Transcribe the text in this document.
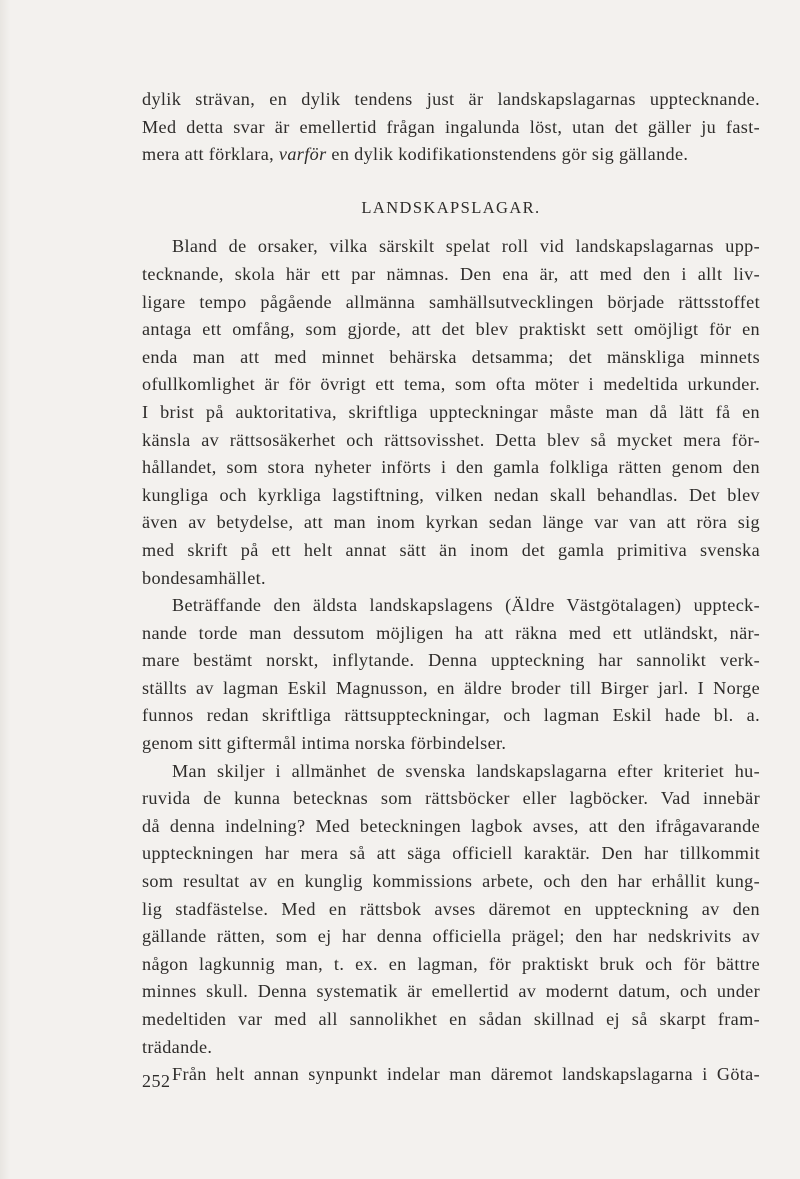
dylik strävan, en dylik tendens just är landskapslagarnas upptecknande.
Med detta svar är emellertid frågan ingalunda löst, utan det gäller ju fast-
mera att förklara, varför en dylik kodifikationstendens gör sig gällande.
LANDSKAPSLAGAR.
Bland de orsaker, vilka särskilt spelat roll vid landskapslagarnas upp-
tecknande, skola här ett par nämnas. Den ena är, att med den i allt liv-
ligare tempo pågående allmänna samhällsutvecklingen började rättsstoffet
antaga ett omfång, som gjorde, att det blev praktiskt sett omöjligt för en
enda man att med minnet behärska detsamma; det mänskliga minnets
ofullkomlighet är för övrigt ett tema, som ofta möter i medeltida urkunder.
I brist på auktoritativa, skriftliga uppteckningar måste man då lätt få en
känsla av rättsosäkerhet och rättsovisshet. Detta blev så mycket mera för-
hållandet, som stora nyheter införts i den gamla folkliga rätten genom den
kungliga och kyrkliga lagstiftning, vilken nedan skall behandlas. Det blev
även av betydelse, att man inom kyrkan sedan länge var van att röra sig
med skrift på ett helt annat sätt än inom det gamla primitiva svenska
bondesamhället.
Beträffande den äldsta landskapslagens (Äldre Västgötalagen) uppteck-
nande torde man dessutom möjligen ha att räkna med ett utländskt, när-
mare bestämt norskt, inflytande. Denna uppteckning har sannolikt verk-
ställts av lagman Eskil Magnusson, en äldre broder till Birger jarl. I Norge
funnos redan skriftliga rättsuppteckningar, och lagman Eskil hade bl. a.
genom sitt giftermål intima norska förbindelser.
Man skiljer i allmänhet de svenska landskapslagarna efter kriteriet hu-
ruvida de kunna betecknas som rättsböcker eller lagböcker. Vad innebär
då denna indelning? Med beteckningen lagbok avses, att den ifrågavarande
uppteckningen har mera så att säga officiell karaktär. Den har tillkommit
som resultat av en kunglig kommissions arbete, och den har erhållit kung-
lig stadfästelse. Med en rättsbok avses däremot en uppteckning av den
gällande rätten, som ej har denna officiella prägel; den har nedskrivits av
någon lagkunnig man, t. ex. en lagman, för praktiskt bruk och för bättre
minnes skull. Denna systematik är emellertid av modernt datum, och under
medeltiden var med all sannolikhet en sådan skillnad ej så skarpt fram-
trädande.
Från helt annan synpunkt indelar man däremot landskapslagarna i Göta-
252
